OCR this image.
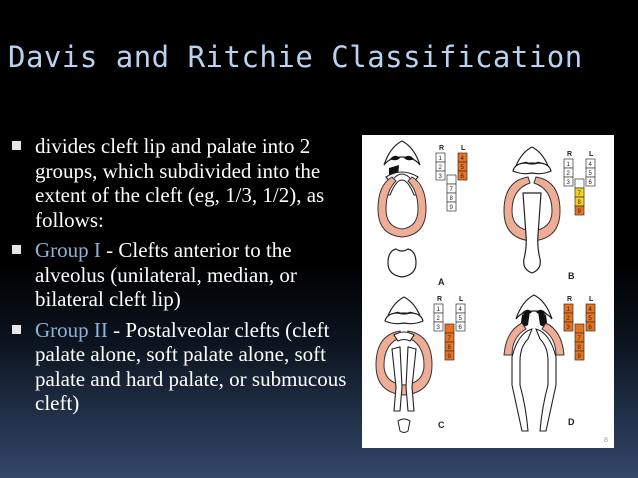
Davis and Ritchie Classification
divides cleft lip and palate into 2 groups, which subdivided into the extent of the cleft (eg, 1/3, 1/2), as follows:
Group I - Clefts anterior to the alveolus (unilateral, median, or bilateral cleft lip)
Group II - Postalveolar clefts (cleft palate alone, soft palate alone, soft palate and hard palate, or submucous cleft)
R L
1
2
3
4
5
6
7
8
9
A
R L
1
2
3
4
5
6
7
8
9
B
R L
1
2
3
4
5
6
7
8
9
C
R L
1
2
3
4
5
6
7
8
9
D
8
